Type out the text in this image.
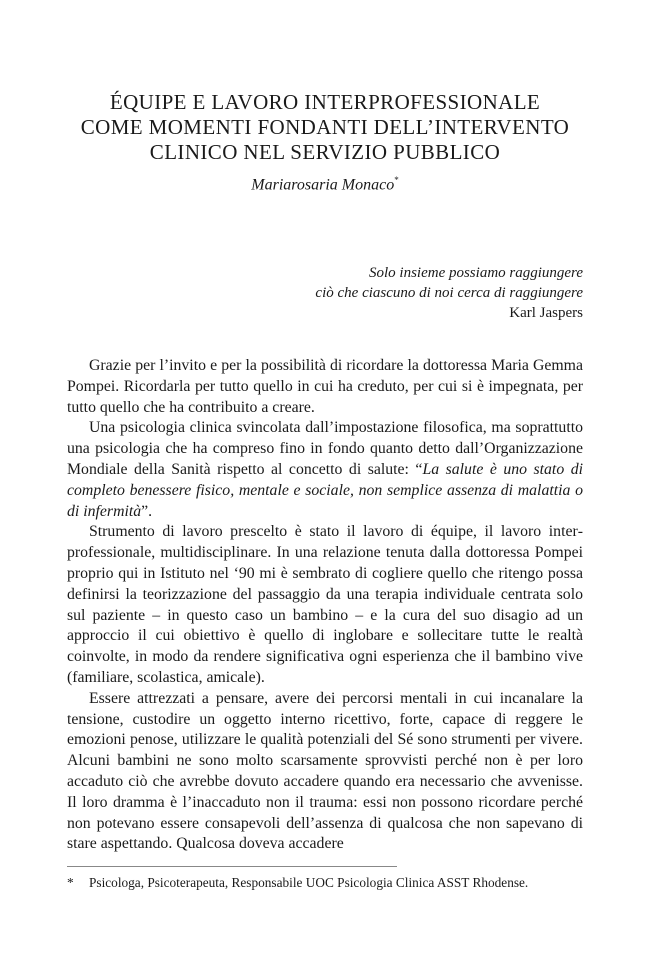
ÉQUIPE E LAVORO INTERPROFESSIONALE
COME MOMENTI FONDANTI DELL’INTERVENTO
CLINICO NEL SERVIZIO PUBBLICO
Mariarosaria Monaco*
Solo insieme possiamo raggiungere
ciò che ciascuno di noi cerca di raggiungere
Karl Jaspers

Grazie per l’invito e per la possibilità di ricordare la dottoressa Maria Gemma Pompei. Ricordarla per tutto quello in cui ha creduto, per cui si è impegnata, per tutto quello che ha contribuito a creare.

Una psicologia clinica svincolata dall’impostazione filosofica, ma soprattutto una psicologia che ha compreso fino in fondo quanto detto dall’Organizzazione Mondiale della Sanità rispetto al concetto di salute: “La salute è uno stato di completo benessere fisico, mentale e sociale, non semplice assenza di malattia o di infermità”.

Strumento di lavoro prescelto è stato il lavoro di équipe, il lavoro interprofessionale, multidisciplinare. In una relazione tenuta dalla dottoressa Pompei proprio qui in Istituto nel ‘90 mi è sembrato di cogliere quello che ritengo possa definirsi la teorizzazione del passaggio da una terapia individuale centrata solo sul paziente – in questo caso un bambino – e la cura del suo disagio ad un approccio il cui obiettivo è quello di inglobare e sollecitare tutte le realtà coinvolte, in modo da rendere significativa ogni esperienza che il bambino vive (familiare, scolastica, amicale).

Essere attrezzati a pensare, avere dei percorsi mentali in cui incanalare la tensione, custodire un oggetto interno ricettivo, forte, capace di reggere le emozioni penose, utilizzare le qualità potenziali del Sé sono strumenti per vivere. Alcuni bambini ne sono molto scarsamente sprovvisti perché non è per loro accaduto ciò che avrebbe dovuto accadere quando era necessario che avvenisse. Il loro dramma è l’inaccaduto non il trauma: essi non possono ricordare perché non potevano essere consapevoli dell’assenza di qualcosa che non sapevano di stare aspettando. Qualcosa doveva accadere

* Psicologa, Psicoterapeuta, Responsabile UOC Psicologia Clinica ASST Rhodense.
